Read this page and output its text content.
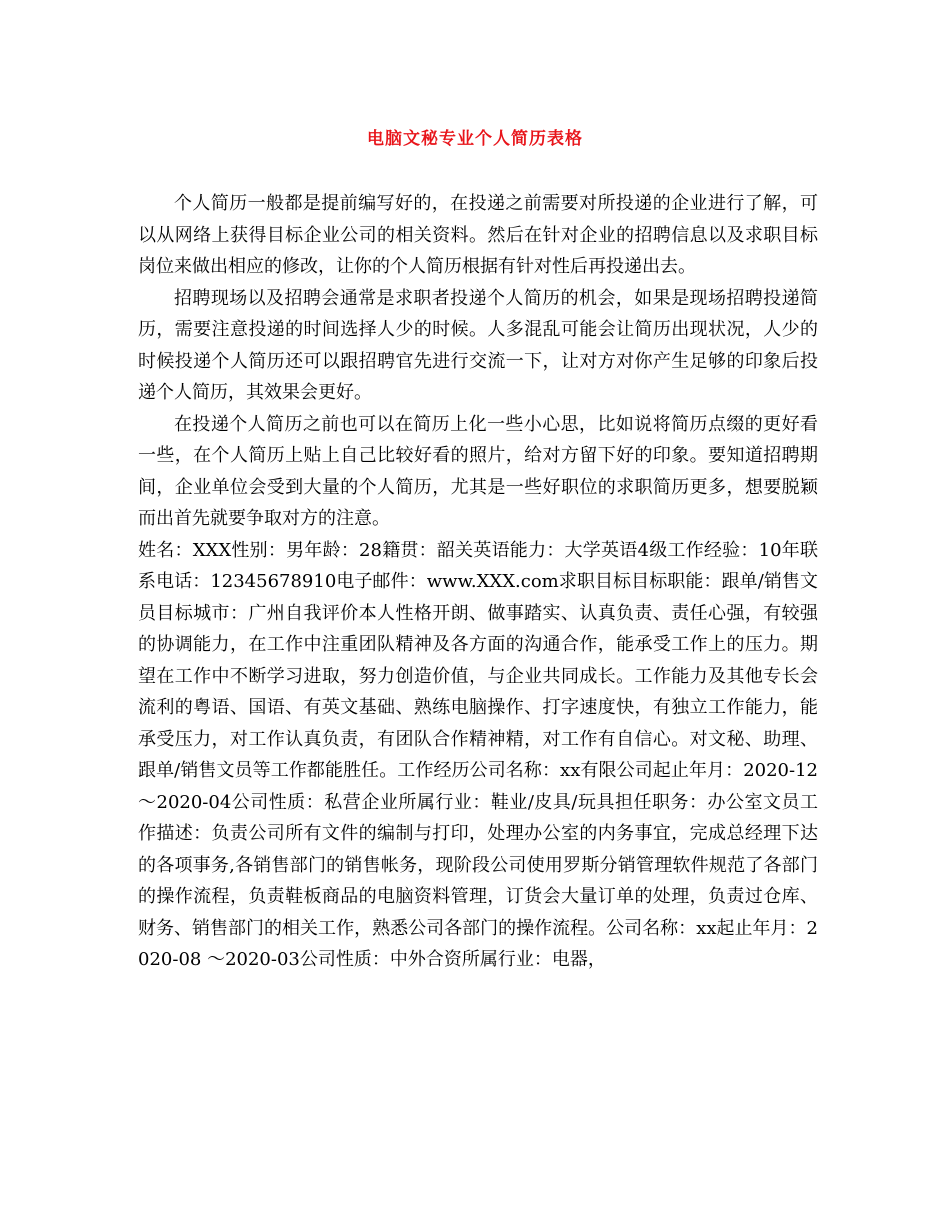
电脑文秘专业个人简历表格

个人简历一般都是提前编写好的，在投递之前需要对所投递的企业进行了解，可以从网络上获得目标企业公司的相关资料。然后在针对企业的招聘信息以及求职目标岗位来做出相应的修改，让你的个人简历根据有针对性后再投递出去。

招聘现场以及招聘会通常是求职者投递个人简历的机会，如果是现场招聘投递简历，需要注意投递的时间选择人少的时候。人多混乱可能会让简历出现状况，人少的时候投递个人简历还可以跟招聘官先进行交流一下，让对方对你产生足够的印象后投递个人简历，其效果会更好。

在投递个人简历之前也可以在简历上化一些小心思，比如说将简历点缀的更好看一些，在个人简历上贴上自己比较好看的照片，给对方留下好的印象。要知道招聘期间，企业单位会受到大量的个人简历，尤其是一些好职位的求职简历更多，想要脱颖而出首先就要争取对方的注意。

姓名：XXX性别：男年龄：28籍贯：韶关英语能力：大学英语4级工作经验：10年联系电话：12345678910电子邮件：www.XXX.com求职目标目标职能：跟单/销售文员目标城市：广州自我评价本人性格开朗、做事踏实、认真负责、责任心强，有较强的协调能力，在工作中注重团队精神及各方面的沟通合作，能承受工作上的压力。期望在工作中不断学习进取，努力创造价值，与企业共同成长。工作能力及其他专长会流利的粤语、国语、有英文基础、熟练电脑操作、打字速度快，有独立工作能力，能承受压力，对工作认真负责，有团队合作精神精，对工作有自信心。对文秘、助理、跟单/销售文员等工作都能胜任。工作经历公司名称：xx有限公司起止年月：2020-12 ～2020-04公司性质：私营企业所属行业：鞋业/皮具/玩具担任职务：办公室文员工作描述：负责公司所有文件的编制与打印，处理办公室的内务事宜，完成总经理下达的各项事务,各销售部门的销售帐务，现阶段公司使用罗斯分销管理软件规范了各部门的操作流程，负责鞋板商品的电脑资料管理，订货会大量订单的处理，负责过仓库、财务、销售部门的相关工作，熟悉公司各部门的操作流程。公司名称：xx起止年月：2020-08 ～2020-03公司性质：中外合资所属行业：电器，
